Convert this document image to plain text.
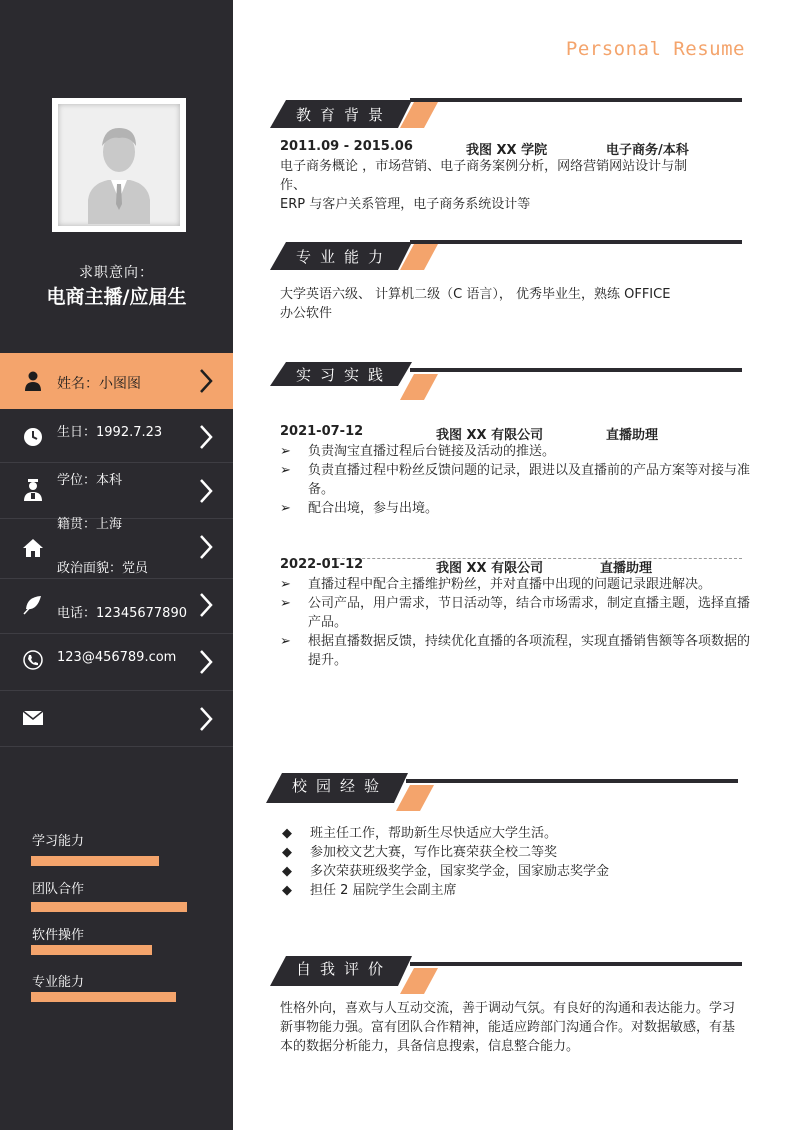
求职意向：
电商主播/应届生
姓名：小图图
生日：1992.7.23
学位：本科
籍贯：上海
政治面貌：党员
电话：12345677890
123@456789.com
学习能力
团队合作
软件操作
专业能力
Personal Resume
教育背景
2011.09 - 2015.06	我图 XX 学院	电子商务/本科
电子商务概论 ，市场营销、电子商务案例分析，网络营销网站设计与制
作、
ERP 与客户关系管理，电子商务系统设计等
专业能力
大学英语六级、 计算机二级（C 语言）， 优秀毕业生，熟练 OFFICE
办公软件
实习实践
2021-07-12	我图 XX 有限公司	直播助理
➢	负责淘宝直播过程后台链接及活动的推送。
➢	负责直播过程中粉丝反馈问题的记录，跟进以及直播前的产品方案等对接与准备。
➢	配合出境，参与出境。
2022-01-12	我图 XX 有限公司	直播助理
➢	直播过程中配合主播维护粉丝，并对直播中出现的问题记录跟进解决。
➢	公司产品，用户需求，节日活动等，结合市场需求，制定直播主题，选择直播产品。
➢	根据直播数据反馈，持续优化直播的各项流程，实现直播销售额等各项数据的提升。
校园经验
◆	班主任工作，帮助新生尽快适应大学生活。
◆	参加校文艺大赛，写作比赛荣获全校二等奖
◆	多次荣获班级奖学金，国家奖学金，国家励志奖学金
◆	担任 2 届院学生会副主席
自我评价
性格外向，喜欢与人互动交流，善于调动气氛。有良好的沟通和表达能力。学习
新事物能力强。富有团队合作精神，能适应跨部门沟通合作。对数据敏感，有基
本的数据分析能力，具备信息搜索，信息整合能力。
